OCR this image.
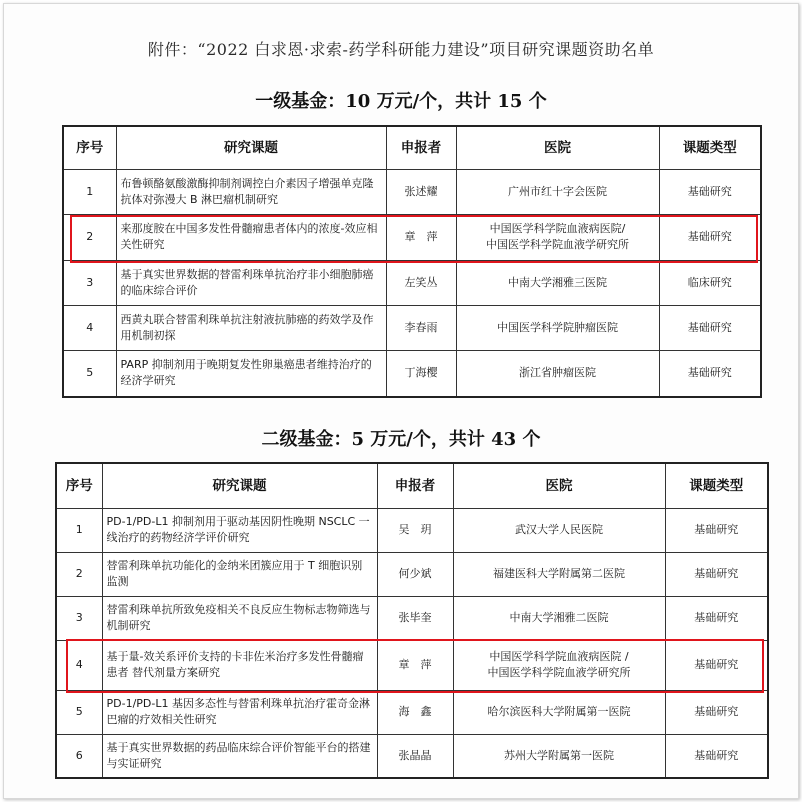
附件：“2022 白求恩·求索-药学科研能力建设”项目研究课题资助名单
一级基金：10 万元/个，共计 15 个
序号	研究课题	申报者	医院	课题类型
1	布鲁顿酪氨酸激酶抑制剂调控白介素因子增强单克隆抗体对弥漫大 B 淋巴瘤机制研究	张述耀	广州市红十字会医院	基础研究
2	来那度胺在中国多发性骨髓瘤患者体内的浓度-效应相关性研究	章　萍	中国医学科学院血液病医院/
中国医学科学院血液学研究所	基础研究
3	基于真实世界数据的替雷利珠单抗治疗非小细胞肺癌的临床综合评价	左笑丛	中南大学湘雅三医院	临床研究
4	西黄丸联合替雷利珠单抗注射液抗肺癌的药效学及作用机制初探	李春雨	中国医学科学院肿瘤医院	基础研究
5	PARP 抑制剂用于晚期复发性卵巢癌患者维持治疗的经济学研究	丁海樱	浙江省肿瘤医院	基础研究
二级基金：5 万元/个，共计 43 个
序号	研究课题	申报者	医院	课题类型
1	PD-1/PD-L1 抑制剂用于驱动基因阴性晚期 NSCLC 一线治疗的药物经济学评价研究	吴　玥	武汉大学人民医院	基础研究
2	替雷利珠单抗功能化的金纳米团簇应用于 T 细胞识别监测	何少斌	福建医科大学附属第二医院	基础研究
3	替雷利珠单抗所致免疫相关不良反应生物标志物筛选与机制研究	张毕奎	中南大学湘雅二医院	基础研究
4	基于量-效关系评价支持的卡非佐米治疗多发性骨髓瘤患者 替代剂量方案研究	章　萍	中国医学科学院血液病医院 /
中国医学科学院血液学研究所	基础研究
5	PD-1/PD-L1 基因多态性与替雷利珠单抗治疗霍奇金淋巴瘤的疗效相关性研究	海　鑫	哈尔滨医科大学附属第一医院	基础研究
6	基于真实世界数据的药品临床综合评价智能平台的搭建与实证研究	张晶晶	苏州大学附属第一医院	基础研究
